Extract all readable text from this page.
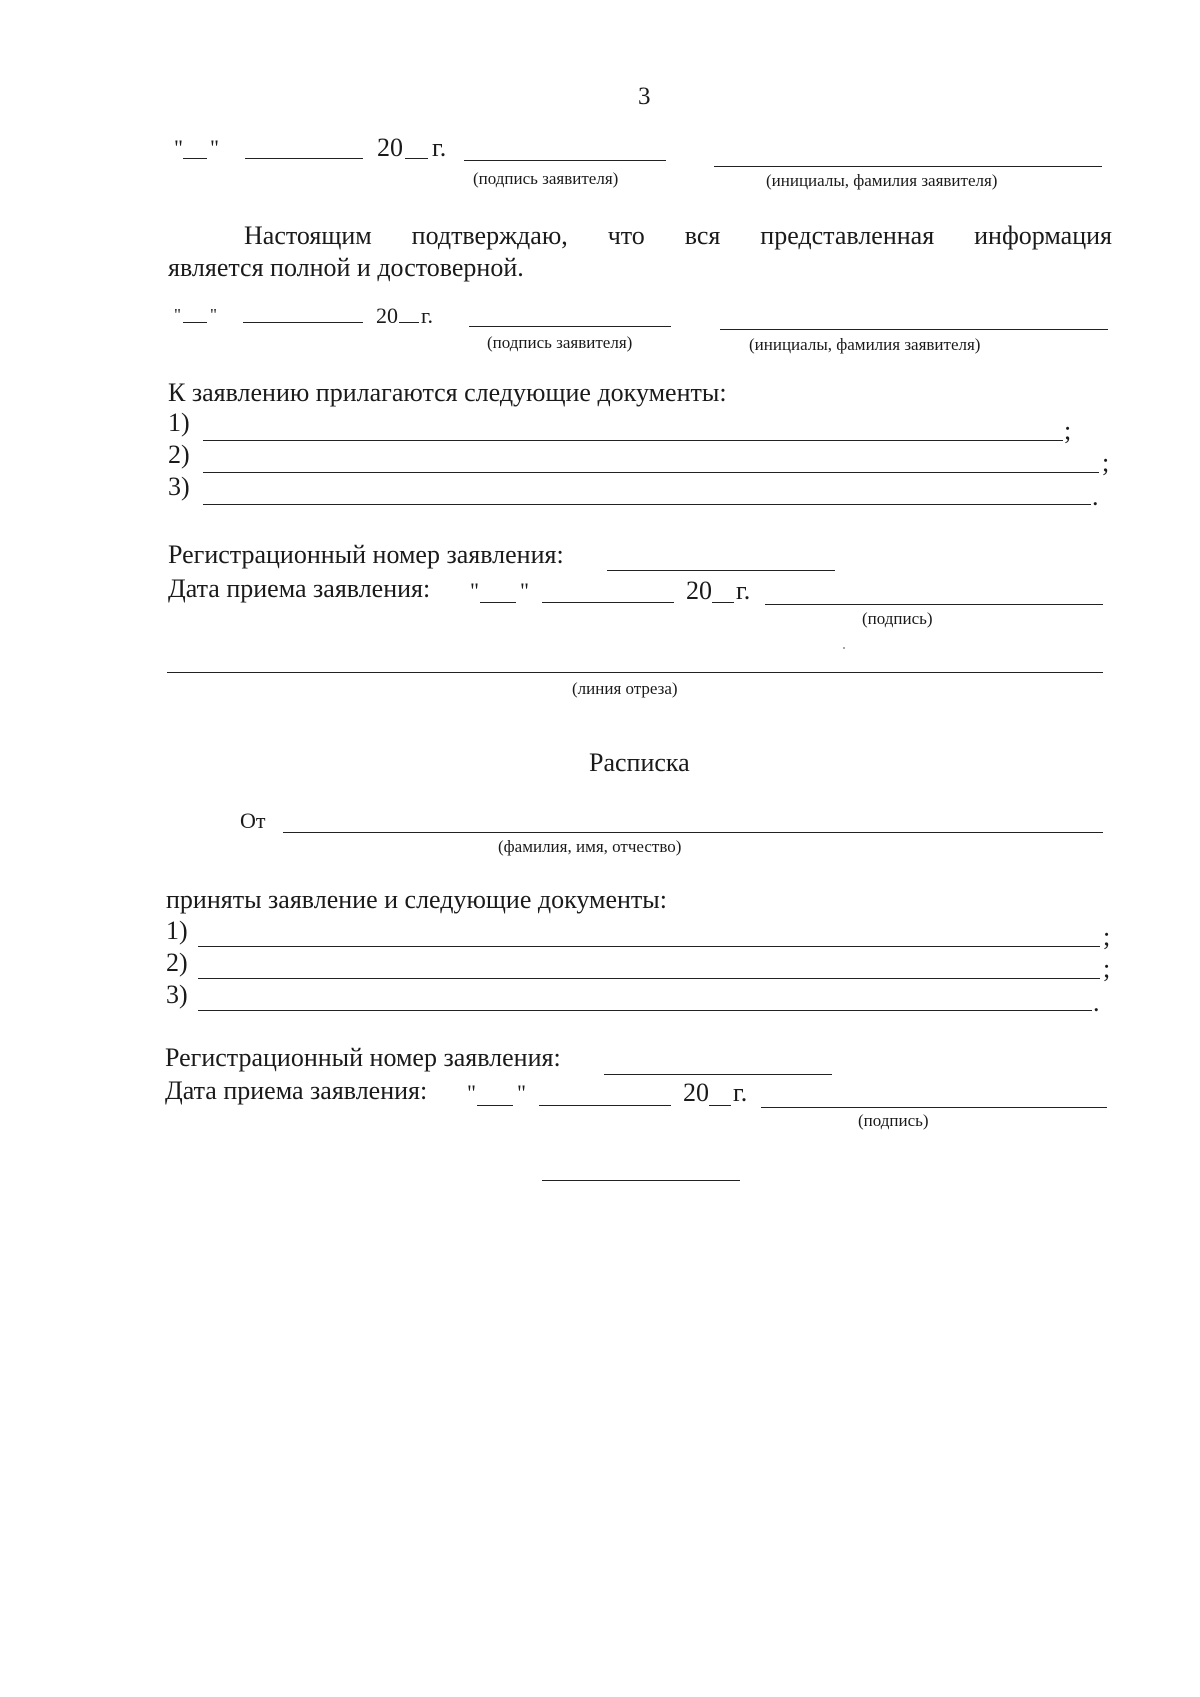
3
" "	20 г.
(подпись заявителя)	(инициалы, фамилия заявителя)
Настоящим подтверждаю, что вся представленная информация
является полной и достоверной.
" "	20 г.
(подпись заявителя)	(инициалы, фамилия заявителя)
К заявлению прилагаются следующие документы:
1)	;
2)	;
3)	.
Регистрационный номер заявления:
Дата приема заявления: " "	20 г.
(подпись)
(линия отреза)
Расписка
От
(фамилия, имя, отчество)
приняты заявление и следующие документы:
1)	;
2)	;
3)	.
Регистрационный номер заявления:
Дата приема заявления: " "	20 г.
(подпись)
